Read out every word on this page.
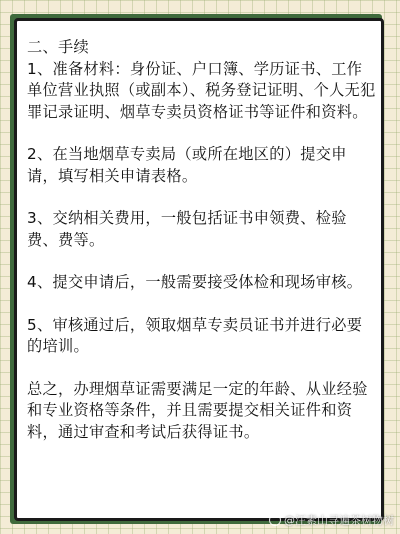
二、手续

1、准备材料：身份证、户口簿、学历证书、工作单位营业执照（或副本）、税务登记证明、个人无犯罪记录证明、烟草专卖员资格证书等证件和资料。

2、在当地烟草专卖局（或所在地区的）提交申请，填写相关申请表格。

3、交纳相关费用，一般包括证书申领费、检验费、费等。

4、提交申请后，一般需要接受体检和现场审核。

5、审核通过后，领取烟草专卖员证书并进行必要的培训。

总之，办理烟草证需要满足一定的年龄、从业经验和专业资格等条件，并且需要提交相关证件和资料，通过审查和考试后获得证书。

@汪素山寻遍茶树物树
